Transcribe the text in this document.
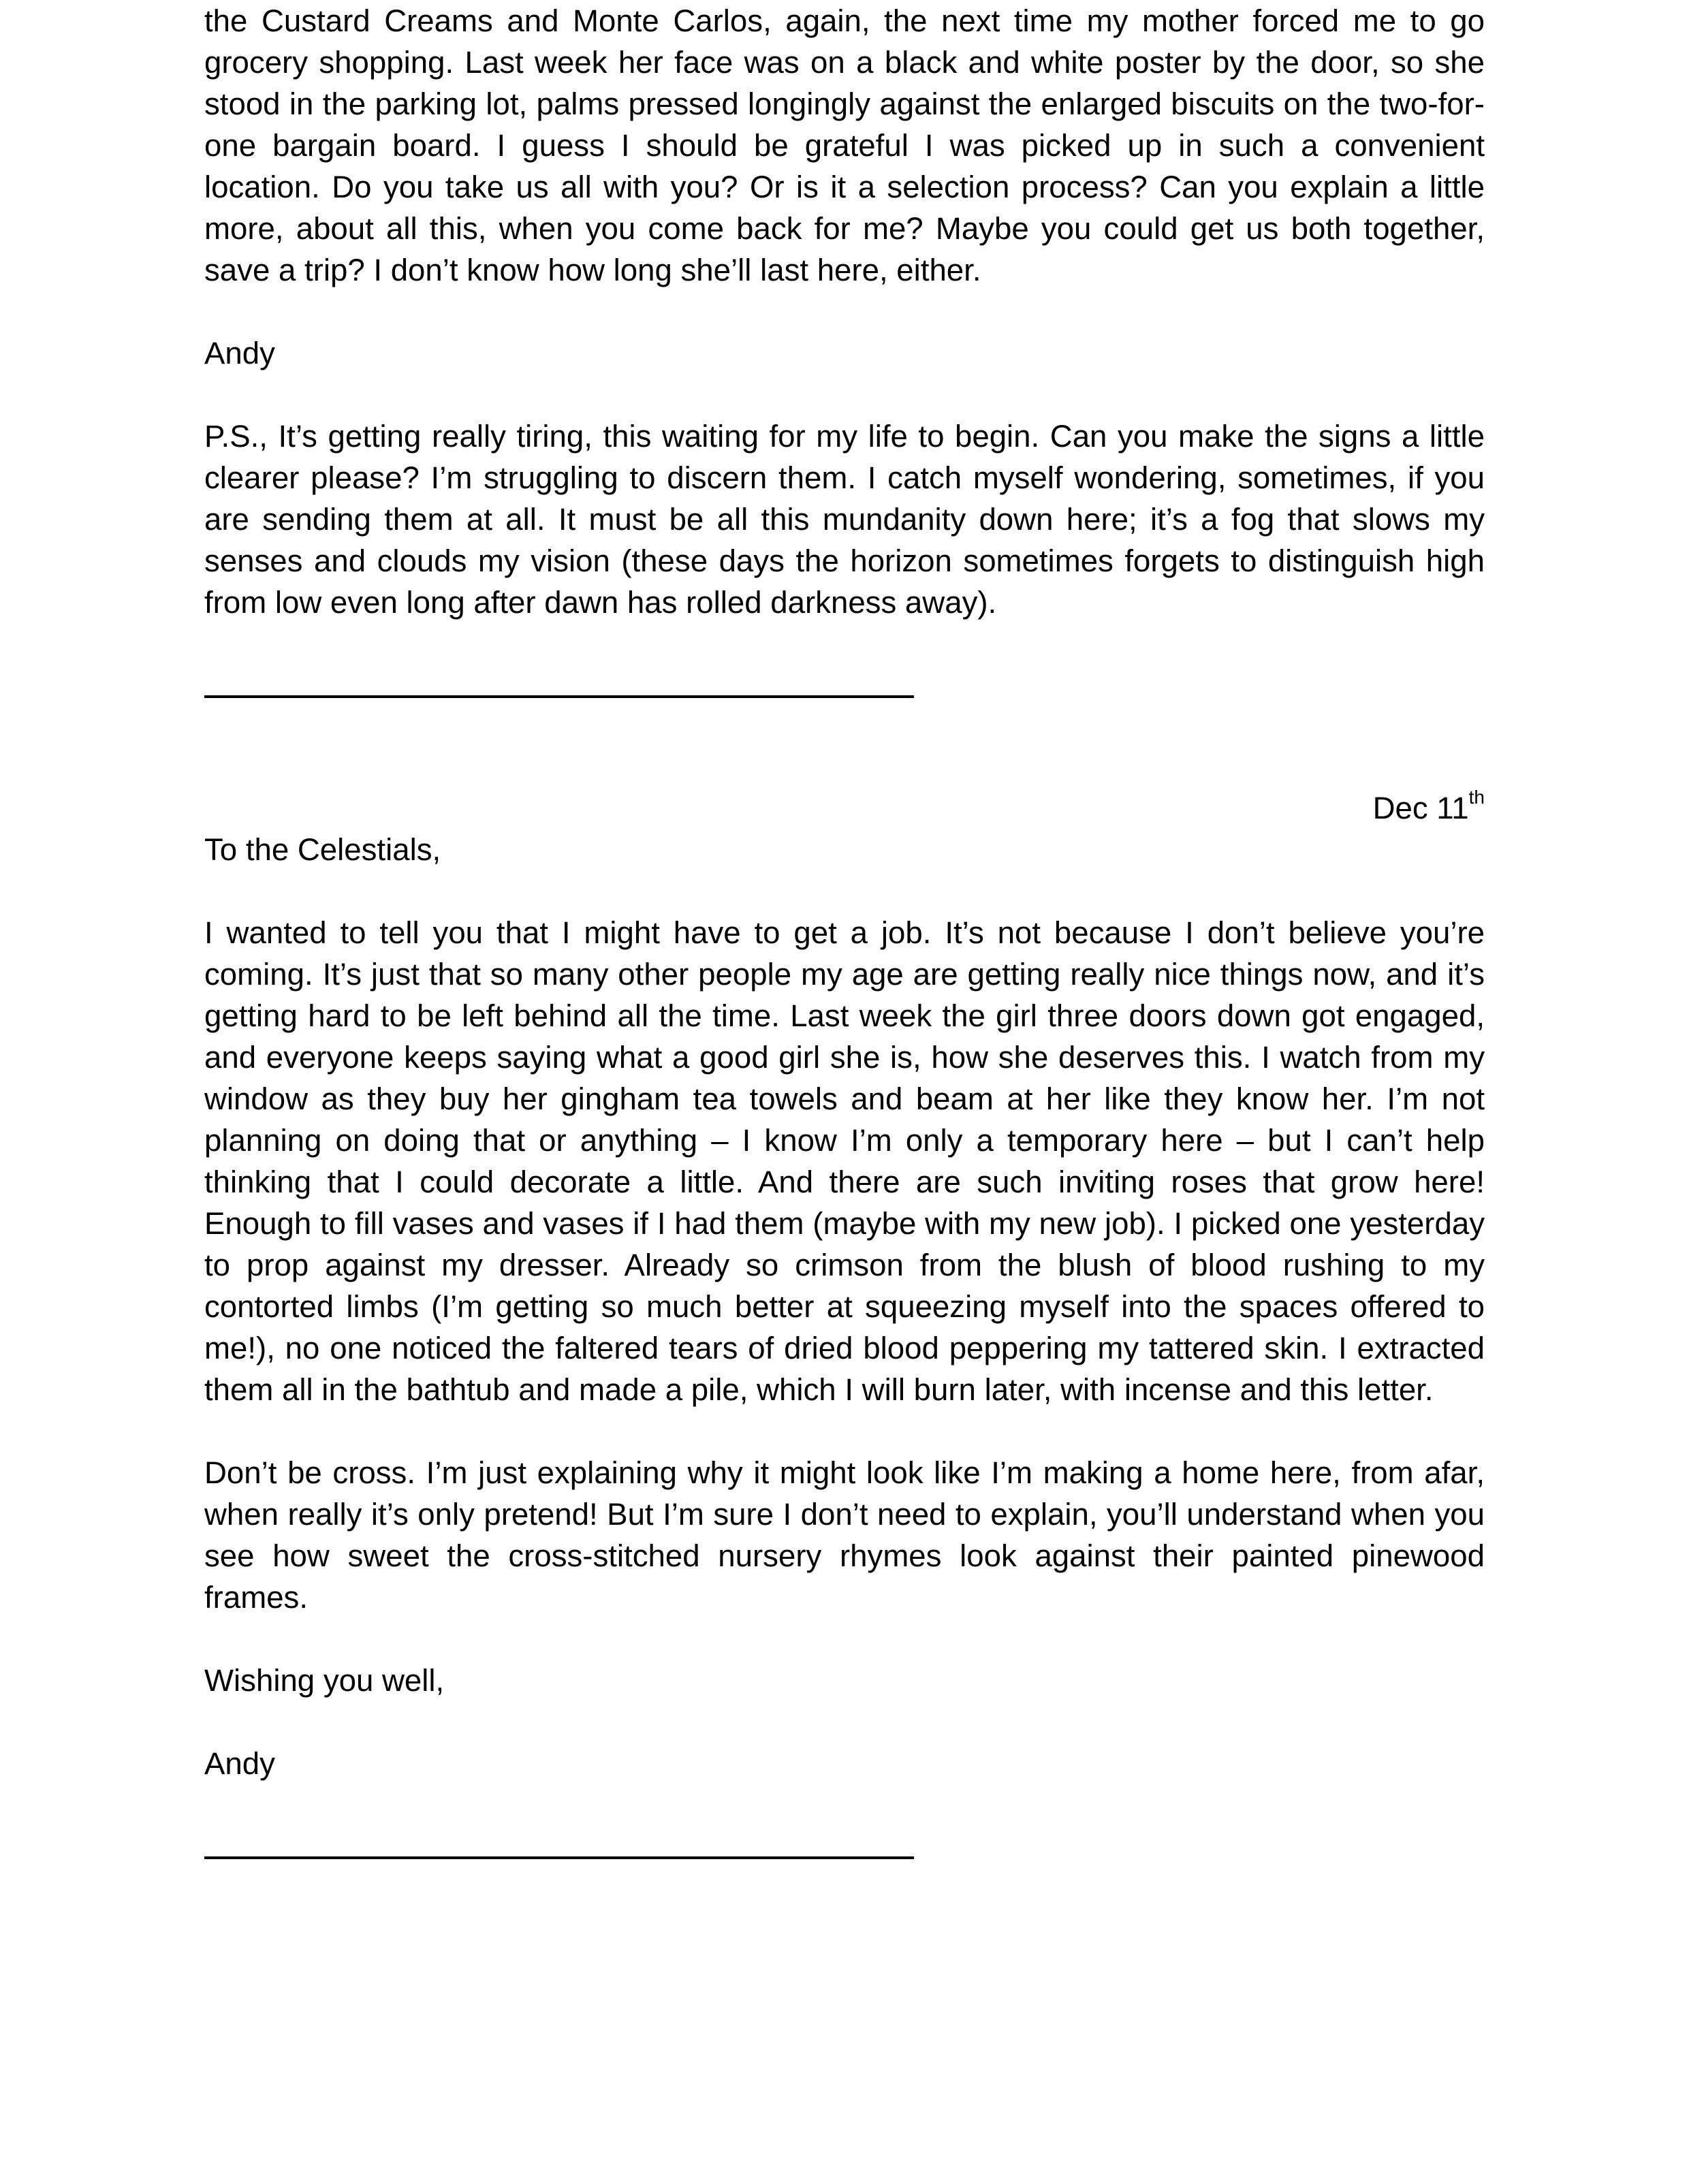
the Custard Creams and Monte Carlos, again, the next time my mother forced me to go grocery shopping. Last week her face was on a black and white poster by the door, so she stood in the parking lot, palms pressed longingly against the enlarged biscuits on the two-for-one bargain board. I guess I should be grateful I was picked up in such a convenient location. Do you take us all with you? Or is it a selection process? Can you explain a little more, about all this, when you come back for me? Maybe you could get us both together, save a trip? I don’t know how long she’ll last here, either.

Andy

P.S., It’s getting really tiring, this waiting for my life to begin. Can you make the signs a little clearer please? I’m struggling to discern them. I catch myself wondering, sometimes, if you are sending them at all. It must be all this mundanity down here; it’s a fog that slows my senses and clouds my vision (these days the horizon sometimes forgets to distinguish high from low even long after dawn has rolled darkness away).

Dec 11th

To the Celestials,

I wanted to tell you that I might have to get a job. It’s not because I don’t believe you’re coming. It’s just that so many other people my age are getting really nice things now, and it’s getting hard to be left behind all the time. Last week the girl three doors down got engaged, and everyone keeps saying what a good girl she is, how she deserves this. I watch from my window as they buy her gingham tea towels and beam at her like they know her. I’m not planning on doing that or anything – I know I’m only a temporary here – but I can’t help thinking that I could decorate a little. And there are such inviting roses that grow here! Enough to fill vases and vases if I had them (maybe with my new job). I picked one yesterday to prop against my dresser. Already so crimson from the blush of blood rushing to my contorted limbs (I’m getting so much better at squeezing myself into the spaces offered to me!), no one noticed the faltered tears of dried blood peppering my tattered skin. I extracted them all in the bathtub and made a pile, which I will burn later, with incense and this letter.

Don’t be cross. I’m just explaining why it might look like I’m making a home here, from afar, when really it’s only pretend! But I’m sure I don’t need to explain, you’ll understand when you see how sweet the cross-stitched nursery rhymes look against their painted pinewood frames.

Wishing you well,

Andy
